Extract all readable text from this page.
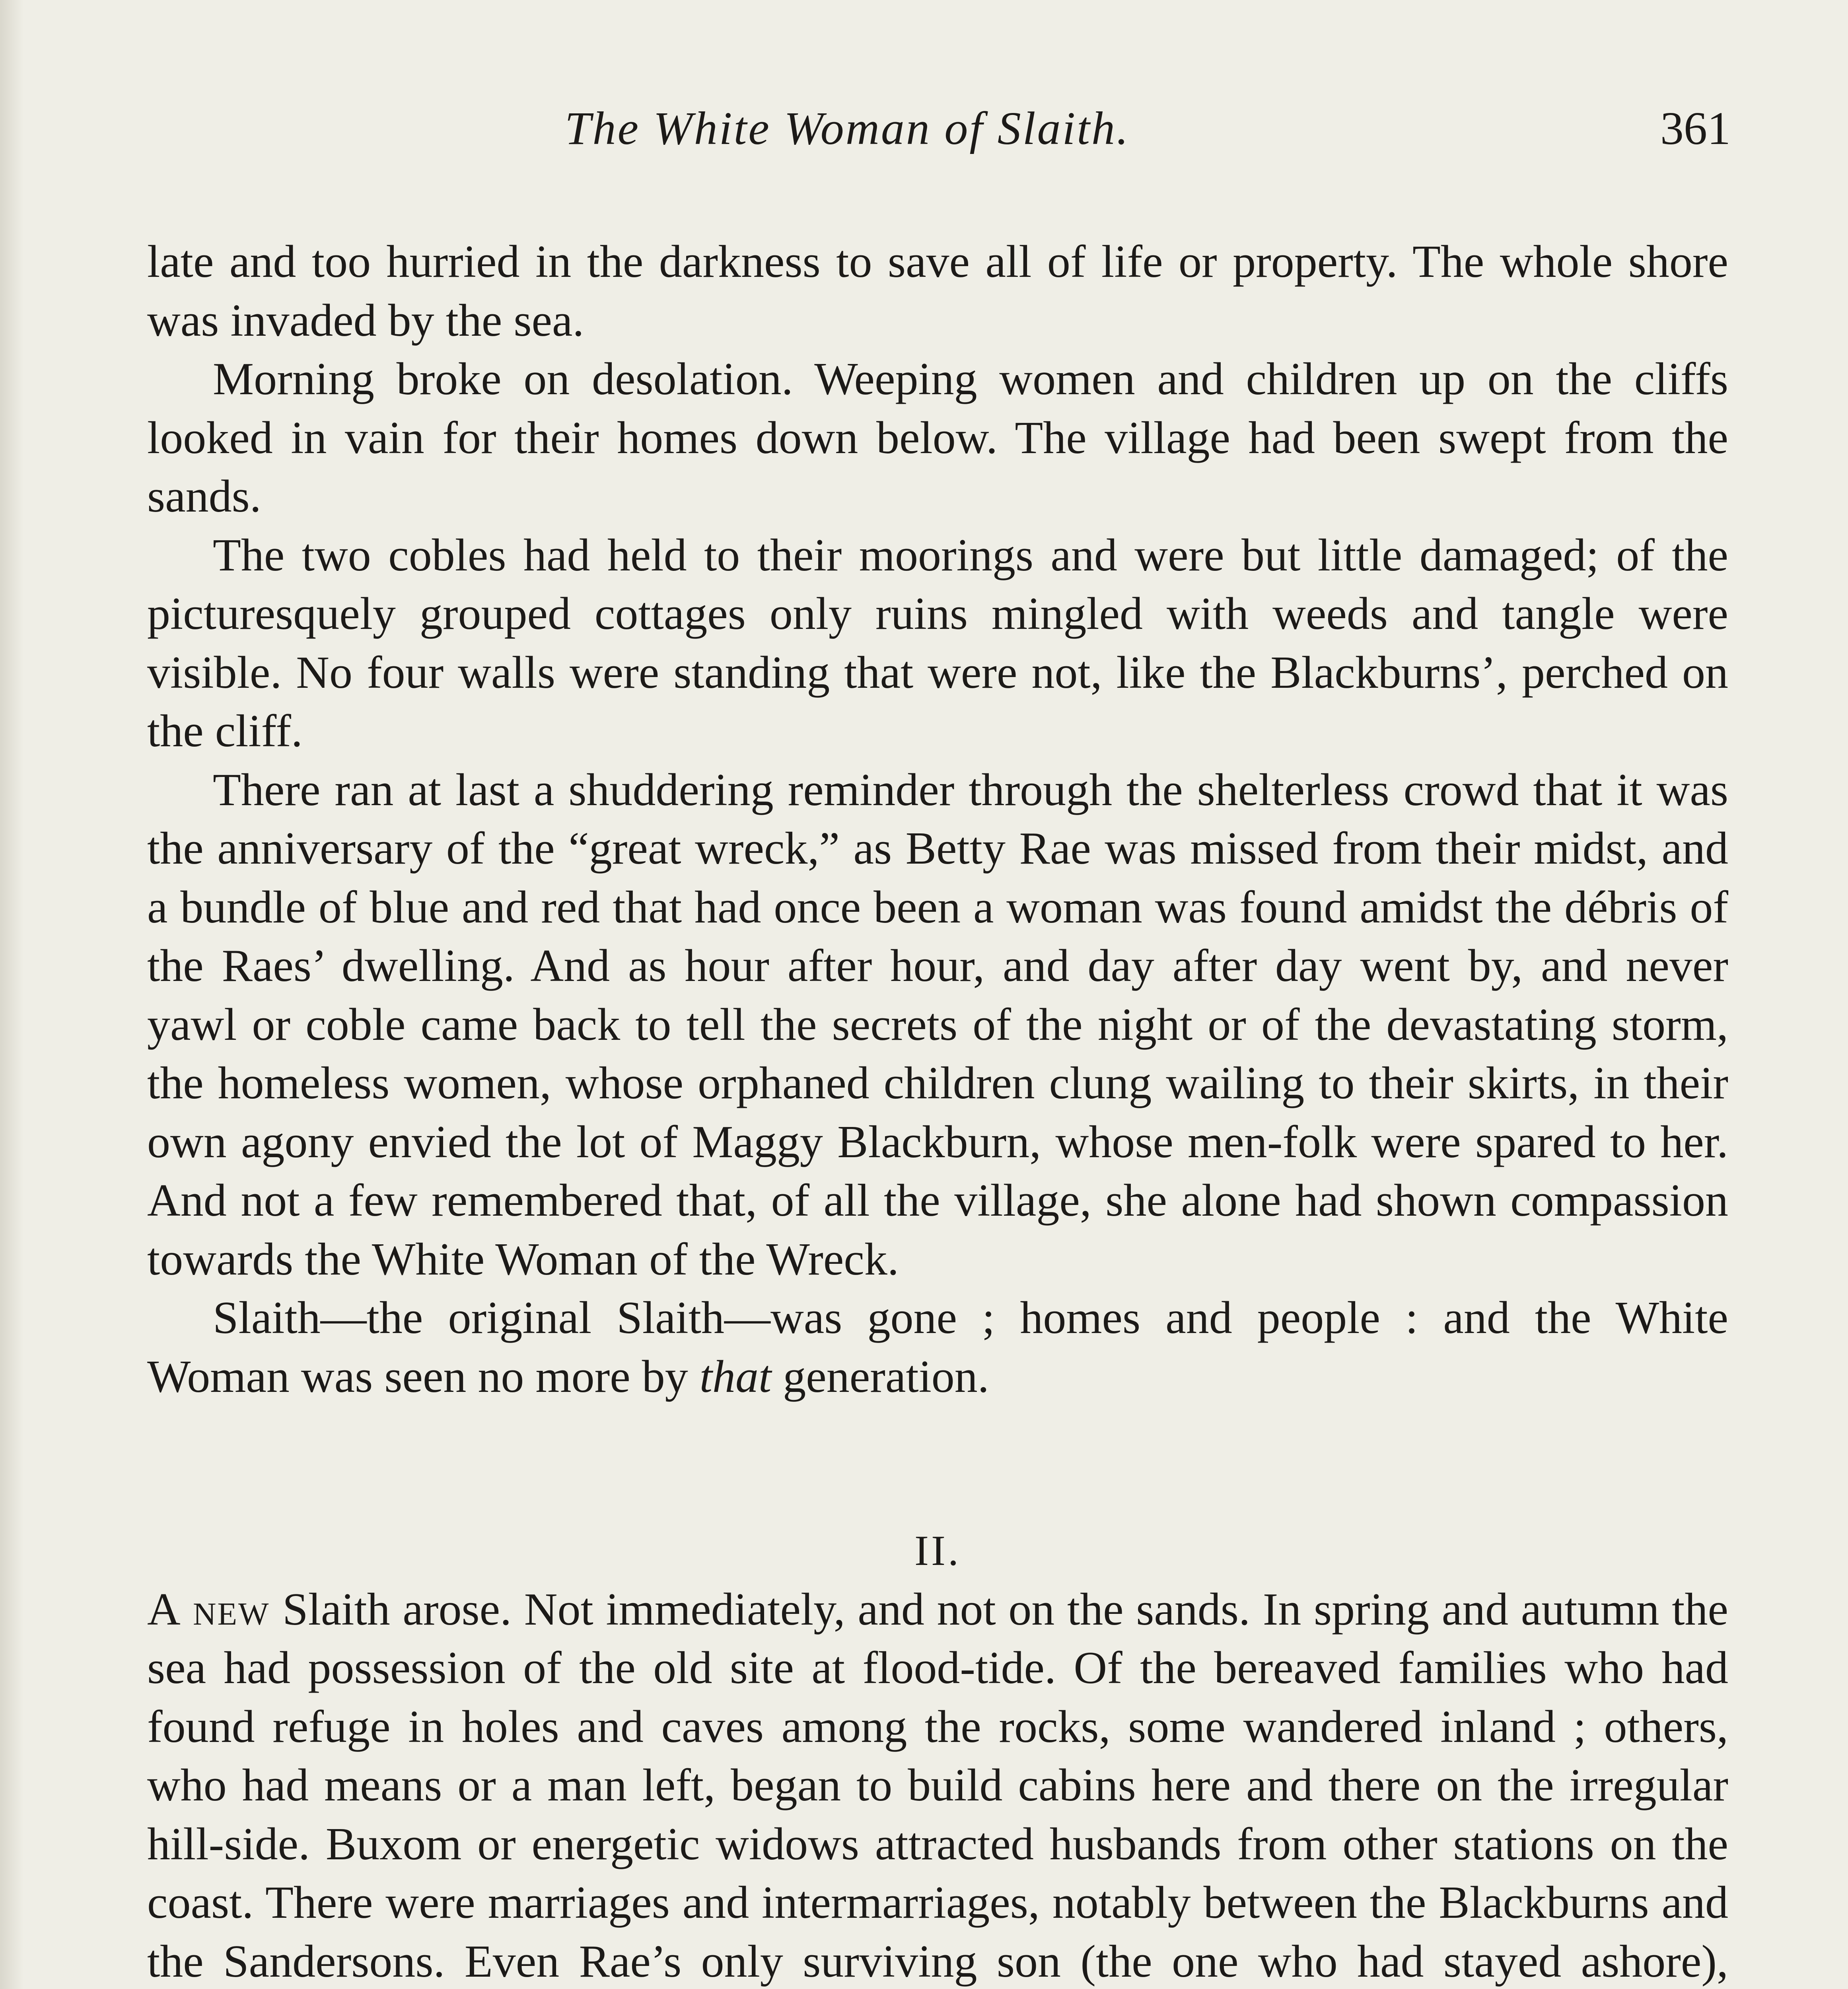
The White Woman of Slaith.	361

late and too hurried in the darkness to save all of life or property. The whole shore was invaded by the sea.

Morning broke on desolation. Weeping women and children up on the cliffs looked in vain for their homes down below. The village had been swept from the sands.

The two cobles had held to their moorings and were but little damaged; of the picturesquely grouped cottages only ruins mingled with weeds and tangle were visible. No four walls were standing that were not, like the Blackburns’, perched on the cliff.

There ran at last a shuddering reminder through the shelterless crowd that it was the anniversary of the “great wreck,” as Betty Rae was missed from their midst, and a bundle of blue and red that had once been a woman was found amidst the débris of the Raes’ dwelling. And as hour after hour, and day after day went by, and never yawl or coble came back to tell the secrets of the night or of the devastating storm, the homeless women, whose orphaned children clung wailing to their skirts, in their own agony envied the lot of Maggy Blackburn, whose men-folk were spared to her. And not a few remembered that, of all the village, she alone had shown compassion towards the White Woman of the Wreck.

Slaith—the original Slaith—was gone ; homes and people : and the White Woman was seen no more by that generation.

II.

A new Slaith arose. Not immediately, and not on the sands. In spring and autumn the sea had possession of the old site at flood-tide. Of the bereaved families who had found refuge in holes and caves among the rocks, some wandered inland ; others, who had means or a man left, began to build cabins here and there on the irregular hill-side. Buxom or energetic widows attracted husbands from other stations on the coast. There were marriages and intermarriages, notably between the Blackburns and the Sandersons. Even Rae’s only surviving son (the one who had stayed ashore),
